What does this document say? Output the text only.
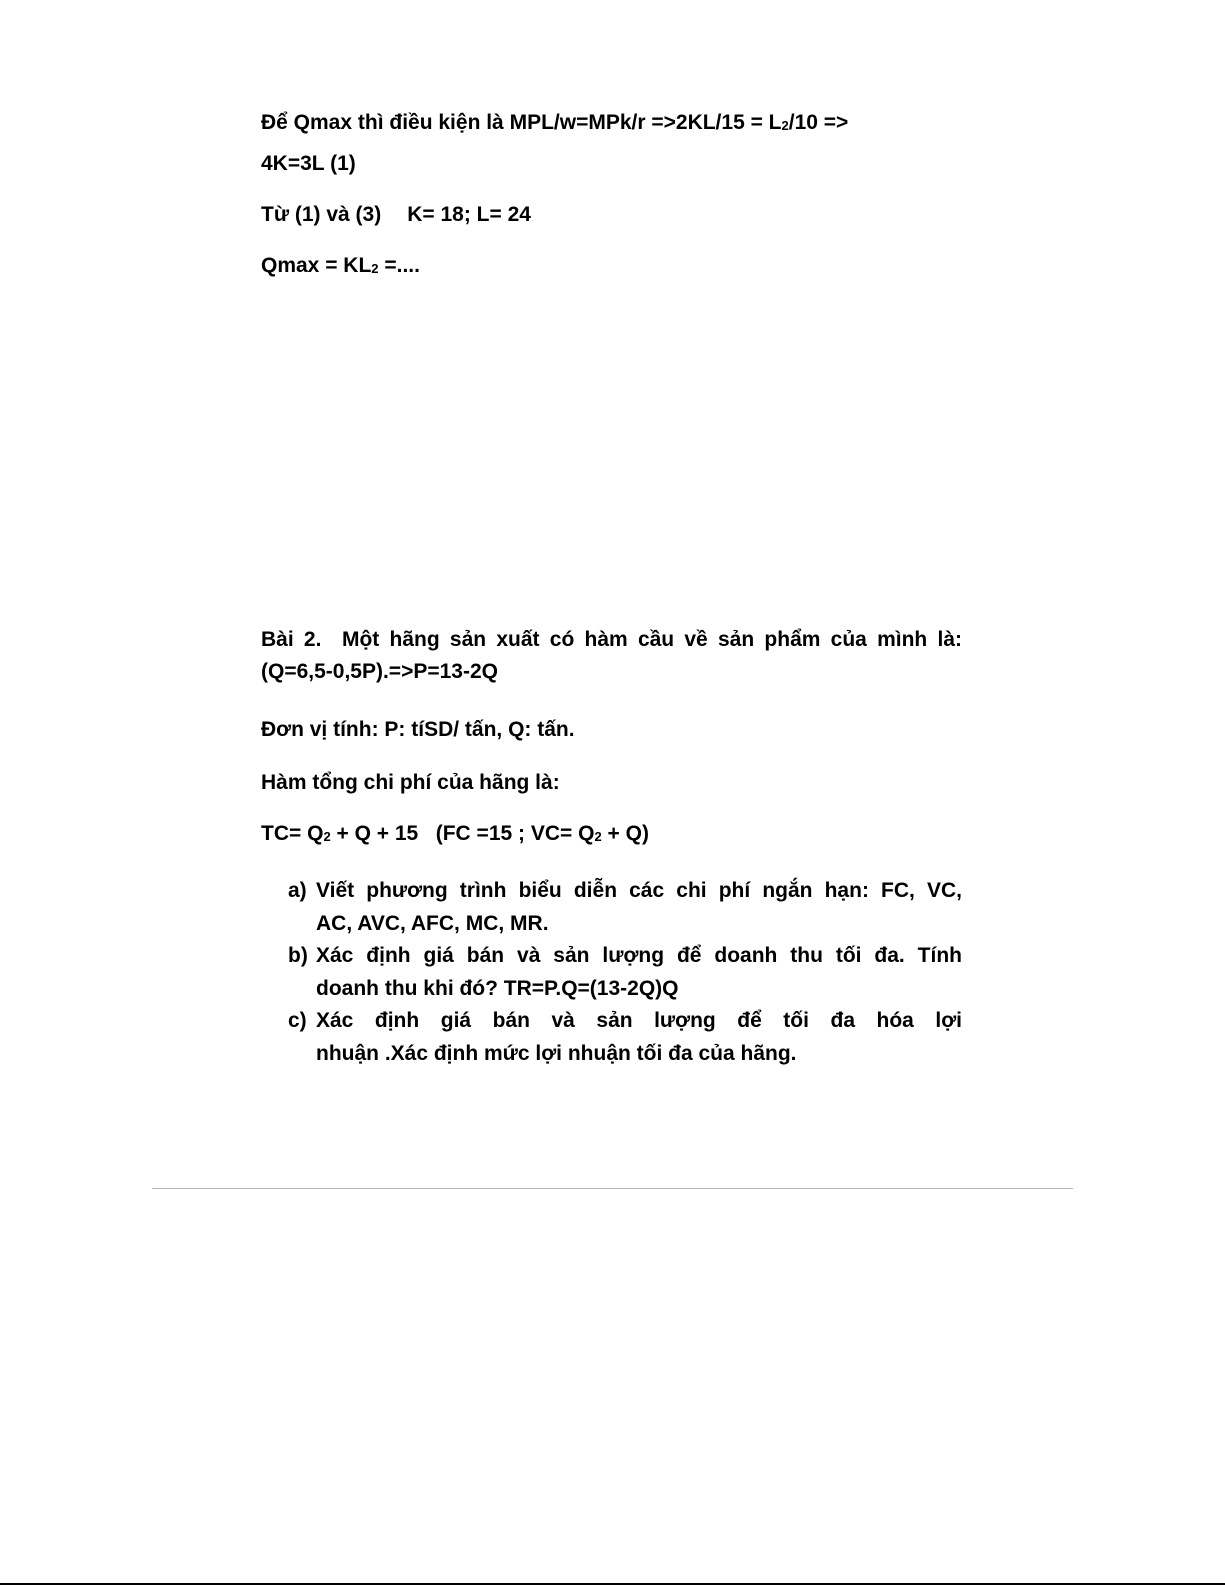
Để Qmax thì điều kiện là MPL/w=MPk/r =>2KL/15 = L2/10 =>
4K=3L (1)
Từ (1) và (3) K= 18; L= 24
Qmax = KL2 =....
Bài 2. Một hãng sản xuất có hàm cầu về sản phẩm của mình là: (Q=6,5-0,5P).=>P=13-2Q
Đơn vị tính: P: tíSD/ tấn, Q: tấn.
Hàm tổng chi phí của hãng là:
TC= Q2 + Q + 15   (FC =15 ; VC= Q2 + Q)
a) Viết phương trình biểu diễn các chi phí ngắn hạn: FC, VC,
AC, AVC, AFC, MC, MR.
b) Xác định giá bán và sản lượng để doanh thu tối đa. Tính
doanh thu khi đó? TR=P.Q=(13-2Q)Q
c) Xác định giá bán và sản lượng để tối đa hóa lợi
nhuận .Xác định mức lợi nhuận tối đa của hãng.
